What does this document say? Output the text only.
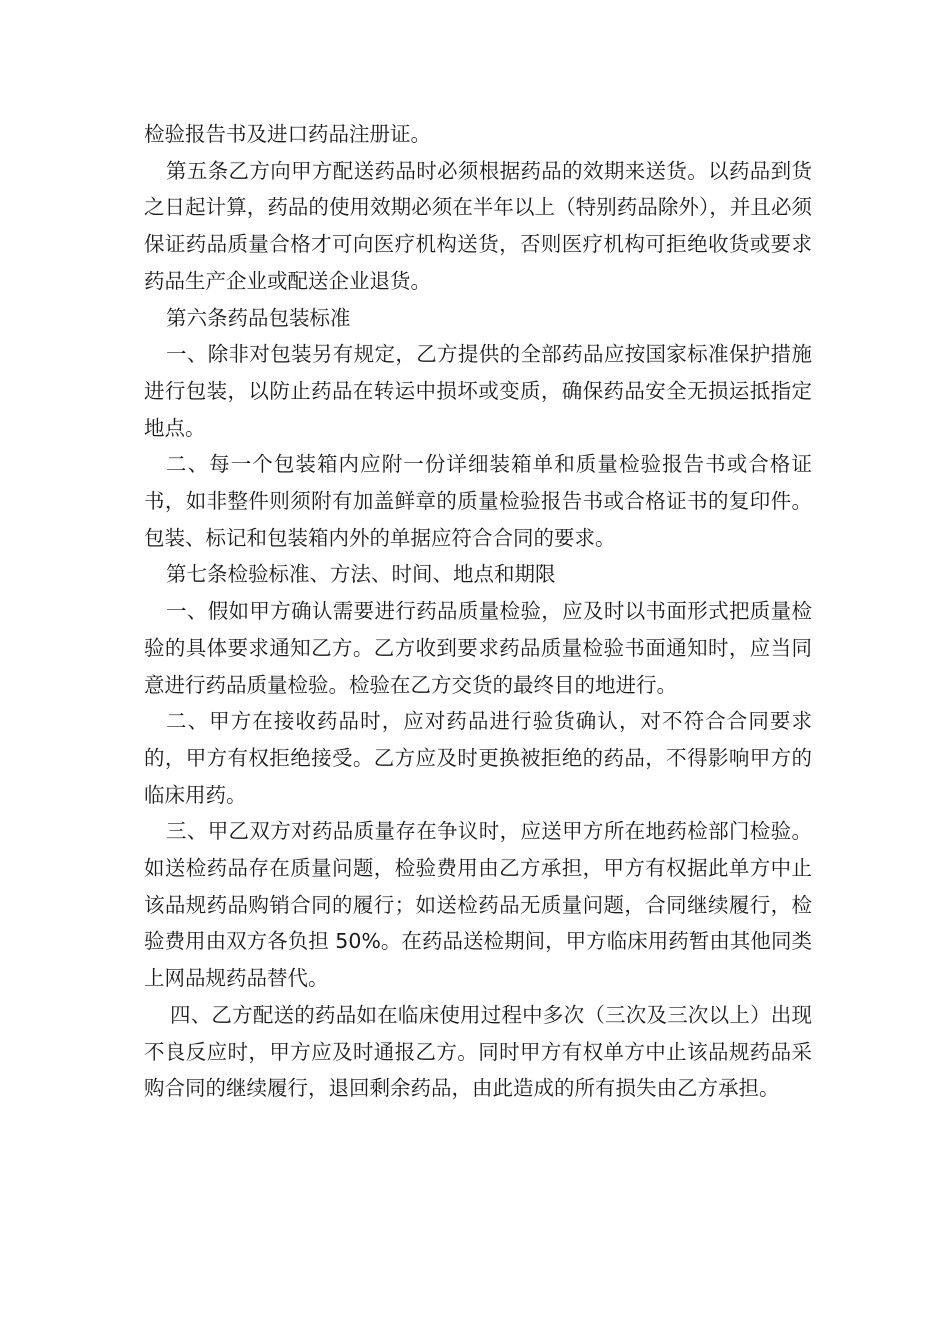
检验报告书及进口药品注册证。

第五条乙方向甲方配送药品时必须根据药品的效期来送货。以药品到货之日起计算，药品的使用效期必须在半年以上（特别药品除外），并且必须保证药品质量合格才可向医疗机构送货，否则医疗机构可拒绝收货或要求药品生产企业或配送企业退货。

第六条药品包装标准

一、除非对包装另有规定，乙方提供的全部药品应按国家标准保护措施进行包装，以防止药品在转运中损坏或变质，确保药品安全无损运抵指定地点。

二、每一个包装箱内应附一份详细装箱单和质量检验报告书或合格证书，如非整件则须附有加盖鲜章的质量检验报告书或合格证书的复印件。包装、标记和包装箱内外的单据应符合合同的要求。

第七条检验标准、方法、时间、地点和期限

一、假如甲方确认需要进行药品质量检验，应及时以书面形式把质量检验的具体要求通知乙方。乙方收到要求药品质量检验书面通知时，应当同意进行药品质量检验。检验在乙方交货的最终目的地进行。

二、甲方在接收药品时，应对药品进行验货确认，对不符合合同要求的，甲方有权拒绝接受。乙方应及时更换被拒绝的药品，不得影响甲方的临床用药。

三、甲乙双方对药品质量存在争议时，应送甲方所在地药检部门检验。如送检药品存在质量问题，检验费用由乙方承担，甲方有权据此单方中止该品规药品购销合同的履行；如送检药品无质量问题，合同继续履行，检验费用由双方各负担 50%。在药品送检期间，甲方临床用药暂由其他同类上网品规药品替代。

四、乙方配送的药品如在临床使用过程中多次（三次及三次以上）出现不良反应时，甲方应及时通报乙方。同时甲方有权单方中止该品规药品采购合同的继续履行，退回剩余药品，由此造成的所有损失由乙方承担。
